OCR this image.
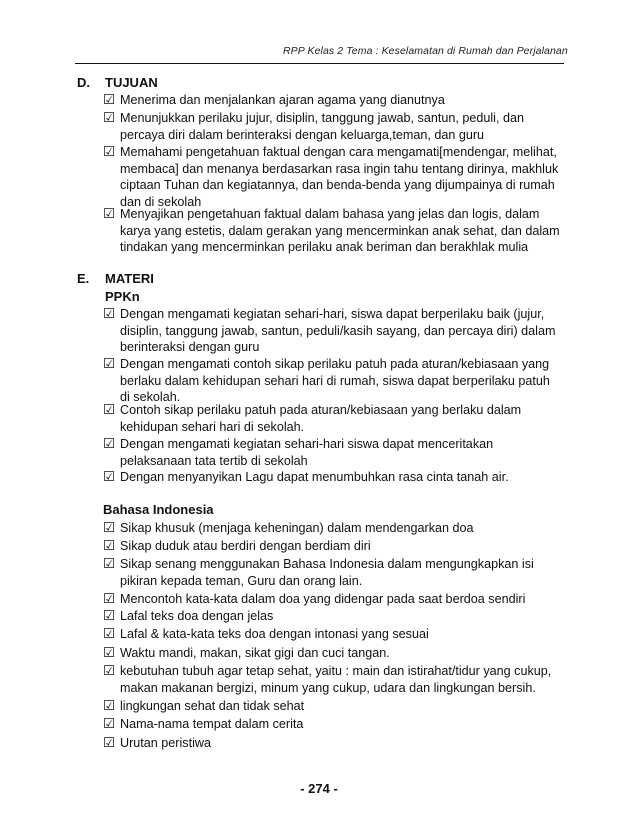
RPP Kelas 2 Tema : Keselamatan di Rumah dan Perjalanan
D. TUJUAN
☑ Menerima dan menjalankan ajaran agama yang dianutnya
☑ Menunjukkan perilaku jujur, disiplin, tanggung jawab, santun, peduli, dan
percaya diri dalam berinteraksi dengan keluarga,teman, dan guru
☑ Memahami pengetahuan faktual dengan cara mengamati[mendengar, melihat,
membaca] dan menanya berdasarkan rasa ingin tahu tentang dirinya, makhluk
ciptaan Tuhan dan kegiatannya, dan benda-benda yang dijumpainya di rumah
dan di sekolah
☑ Menyajikan pengetahuan faktual dalam bahasa yang jelas dan logis, dalam
karya yang estetis, dalam gerakan yang mencerminkan anak sehat, dan dalam
tindakan yang mencerminkan perilaku anak beriman dan berakhlak mulia
E. MATERI
PPKn
☑ Dengan mengamati kegiatan sehari-hari, siswa dapat berperilaku baik (jujur,
disiplin, tanggung jawab, santun, peduli/kasih sayang, dan percaya diri) dalam
berinteraksi dengan guru
☑ Dengan mengamati contoh sikap perilaku patuh pada aturan/kebiasaan yang
berlaku dalam kehidupan sehari hari di rumah, siswa dapat berperilaku patuh
di sekolah.
☑ Contoh sikap perilaku patuh pada aturan/kebiasaan yang berlaku dalam
kehidupan sehari hari di sekolah.
☑ Dengan mengamati kegiatan sehari-hari siswa dapat menceritakan
pelaksanaan tata tertib di sekolah
☑ Dengan menyanyikan Lagu dapat menumbuhkan rasa cinta tanah air.
Bahasa Indonesia
☑ Sikap khusuk (menjaga keheningan) dalam mendengarkan doa
☑ Sikap duduk atau berdiri dengan berdiam diri
☑ Sikap senang menggunakan Bahasa Indonesia dalam mengungkapkan isi
pikiran kepada teman, Guru dan orang lain.
☑ Mencontoh kata-kata dalam doa yang didengar pada saat berdoa sendiri
☑ Lafal teks doa dengan jelas
☑ Lafal & kata-kata teks doa dengan intonasi yang sesuai
☑ Waktu mandi, makan, sikat gigi dan cuci tangan.
☑ kebutuhan tubuh agar tetap sehat, yaitu : main dan istirahat/tidur yang cukup,
makan makanan bergizi, minum yang cukup, udara dan lingkungan bersih.
☑ lingkungan sehat dan tidak sehat
☑ Nama-nama tempat dalam cerita
☑ Urutan peristiwa
- 274 -
